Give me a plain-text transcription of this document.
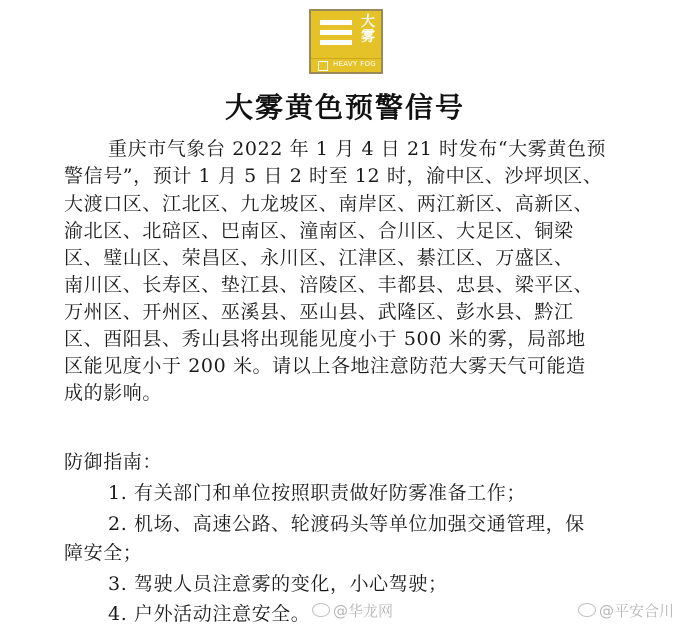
大
雾
HEAVY FOG
大雾黄色预警信号
重庆市气象台 2022 年 1 月 4 日 21 时发布“大雾黄色预
警信号”，预计 1 月 5 日 2 时至 12 时，渝中区、沙坪坝区、
大渡口区、江北区、九龙坡区、南岸区、两江新区、高新区、
渝北区、北碚区、巴南区、潼南区、合川区、大足区、铜梁
区、璧山区、荣昌区、永川区、江津区、綦江区、万盛区、
南川区、长寿区、垫江县、涪陵区、丰都县、忠县、梁平区、
万州区、开州区、巫溪县、巫山县、武隆区、彭水县、黔江
区、酉阳县、秀山县将出现能见度小于 500 米的雾，局部地
区能见度小于 200 米。请以上各地注意防范大雾天气可能造
成的影响。
防御指南：
1. 有关部门和单位按照职责做好防雾准备工作；
2. 机场、高速公路、轮渡码头等单位加强交通管理，保
障安全；
3. 驾驶人员注意雾的变化，小心驾驶；
4. 户外活动注意安全。	@华龙网	@平安合川
